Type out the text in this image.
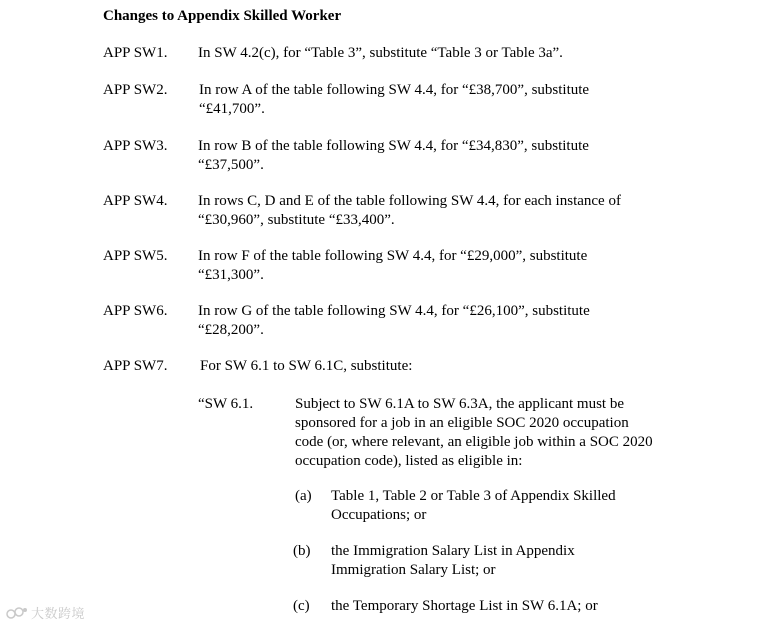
Changes to Appendix Skilled Worker
APP SW1. In SW 4.2(c), for “Table 3”, substitute “Table 3 or Table 3a”.
APP SW2. In row A of the table following SW 4.4, for “£38,700”, substitute “£41,700”.
APP SW3. In row B of the table following SW 4.4, for “£34,830”, substitute “£37,500”.
APP SW4. In rows C, D and E of the table following SW 4.4, for each instance of “£30,960”, substitute “£33,400”.
APP SW5. In row F of the table following SW 4.4, for “£29,000”, substitute “£31,300”.
APP SW6. In row G of the table following SW 4.4, for “£26,100”, substitute “£28,200”.
APP SW7. For SW 6.1 to SW 6.1C, substitute:
“SW 6.1.	Subject to SW 6.1A to SW 6.3A, the applicant must be sponsored for a job in an eligible SOC 2020 occupation code (or, where relevant, an eligible job within a SOC 2020 occupation code), listed as eligible in:
(a) Table 1, Table 2 or Table 3 of Appendix Skilled Occupations; or
(b) the Immigration Salary List in Appendix Immigration Salary List; or
(c) the Temporary Shortage List in SW 6.1A; or
大数跨境
